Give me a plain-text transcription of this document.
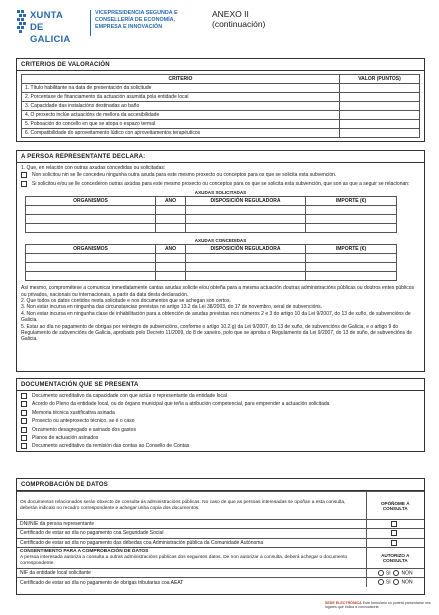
XUNTA
DE GALICIA
VICEPRESIDENCIA SEGUNDA E CONSELLERÍA DE ECONOMÍA, EMPRESA E INNOVACIÓN
ANEXO II
(continuación)
CRITERIOS DE VALORACIÓN
CRITERIO	VALOR (PUNTOS)
1. Título habilitante na data de presentación da solicitude	
2. Porcentaxe de financiamento da actuación asumida pola entidade local	
3. Capacidade das instalacións destinadas ao baño	
4. O proxecto inclúe actuacións de mellora da accesibilidade	
5. Poboación do concello en que se atopa o espazo termal	
6. Compatibilidade do aproveitamento lúdico con aproveitamentos terapéuticos	
A PERSOA REPRESENTANTE DECLARA:
1. Que, en relación con outras axudas concedidas ou solicitadas:
Non solicitou nin se lle concedeu ningunha outra axuda para este mesmo proxecto ou conceptos para os que se solicita esta subvención.
Si solicitou e/ou se lle concederon outras axudas para este mesmo proxecto ou conceptos para os que se solicita esta subvención, que son as que a seguir se relacionan:
AXUDAS SOLICITADAS
ORGANISMOS	ANO	DISPOSICIÓN REGULADORA	IMPORTE (€)

AXUDAS CONCEDIDAS
ORGANISMOS	ANO	DISPOSICIÓN REGULADORA	IMPORTE (€)

Así mesmo, comprométese a comunicar inmediatamente cantas axudas solicite e/ou obteña para a mesma actuación doutras administracións públicas ou doutros entes públicos ou privados, nacionais ou internacionais, a partir da data desta declaración.
2. Que todos os datos contidos nesta solicitude e nos documentos que se achegan son certos.
3. Non estar incursa en ningunha das circunstancias previstas no artigo 13.2 da Lei 38/2003, do 17 de novembro, xeral de subvencións.
4. Non estar incursa en ningunha clase de inhabilitación para a obtención de axudas previstas nos números 2 e 3 do artigo 10 da Lei 9/2007, do 13 de xuño, de subvencións de Galicia.
5. Estar ao día no pagamento de obrigas por reintegro de subvencións, conforme o artigo 10.2.g) da Lei 9/2007, do 13 de xuño, de subvencións de Galicia, e o artigo 9 do Regulamento de subvencións de Galicia, aprobado polo Decreto 11/2009, do 8 de xaneiro, polo que se aproba o Regulamento da Lei 9/2007, do 13 de xuño, de subvencións de Galicia.
DOCUMENTACIÓN QUE SE PRESENTA
Documento acreditativo da capacidade con que actúa o representante da entidade local
Acordo do Pleno da entidade local, ou do órgano municipal que teña a atribución competencial, para emprender a actuación solicitada
Memoria técnica xustificativa asinada
Proxecto ou anteproxecto técnico, se é o caso
Orzamento desagregado e asinado dos gastos
Planos de actuación asinados
Documento acreditativo da remisión das contas ao Consello de Contas
COMPROBACIÓN DE DATOS
Os documentos relacionados serán obxecto de consulta ás administracións públicas. No caso de que as persoas interesadas se opoñan a esta consulta, deberán indicalo no recadro correspondente e achegar unha copia dos documentos.	OPÓÑOME Á CONSULTA
DNI/NIE da persoa representante	
Certificado de estar ao día no pagamento coa Seguridade Social	
Certificado de estar ao día no pagamento das débedas coa Administración pública da Comunidade Autónoma	

CONSENTIMENTO PARA A COMPROBACIÓN DE DATOS
A persoa interesada autoriza a consulta a outras administracións públicas dos seguintes datos. De non autorizar a consulta, deberá achegar o documento correspondente.	AUTORIZO A CONSULTA
NIF da entidade local solicitante	SI NON
Certificado de estar ao día no pagamento de obrigas tributarias coa AEAT	SI NON
SEDE ELECTRÓNICA Este formulario só poderá presentarse nos lugares que indica a convocatoria
